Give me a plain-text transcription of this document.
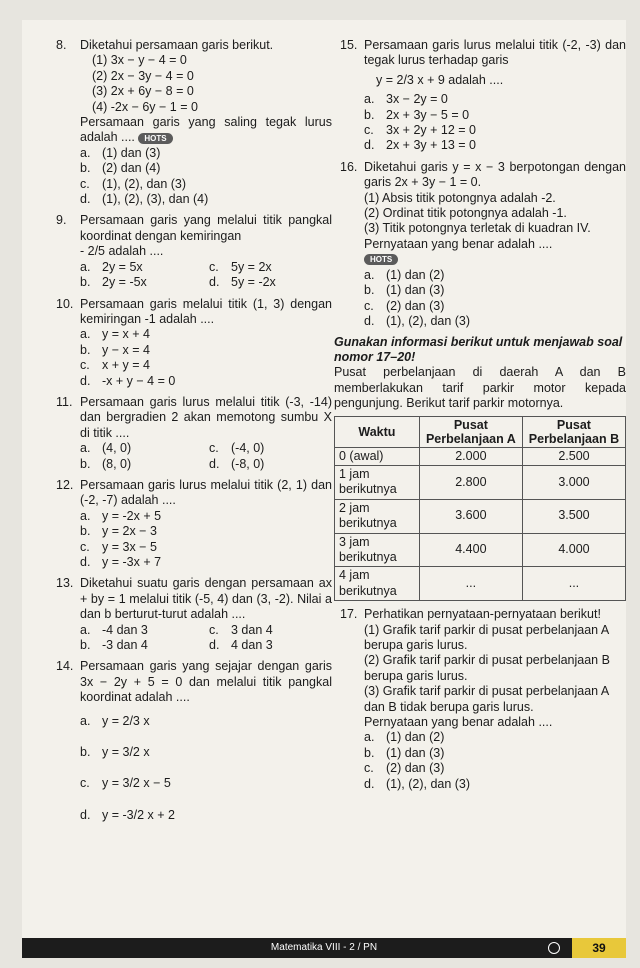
8. Diketahui persamaan garis berikut.
(1) 3x − y − 4 = 0
(2) 2x − 3y − 4 = 0
(3) 2x + 6y − 8 = 0
(4) -2x − 6y − 1 = 0
Persamaan garis yang saling tegak lurus adalah .... HOTS
a. (1) dan (3)
b. (2) dan (4)
c. (1), (2), dan (3)
d. (1), (2), (3), dan (4)
9. Persamaan garis yang melalui titik pangkal koordinat dengan kemiringan
- 2/5 adalah ....
a. 2y = 5x	c. 5y = 2x
b. 2y = -5x	d. 5y = -2x
10. Persamaan garis melalui titik (1, 3) dengan kemiringan -1 adalah ....
a. y = x + 4
b. y − x = 4
c. x + y = 4
d. -x + y − 4 = 0
11. Persamaan garis lurus melalui titik (-3, -14) dan bergradien 2 akan memotong sumbu X di titik ....
a. (4, 0)	c. (-4, 0)
b. (8, 0)	d. (-8, 0)
12. Persamaan garis lurus melalui titik (2, 1) dan (-2, -7) adalah ....
a. y = -2x + 5
b. y = 2x − 3
c. y = 3x − 5
d. y = -3x + 7
13. Diketahui suatu garis dengan persamaan ax + by = 1 melalui titik (-5, 4) dan (3, -2). Nilai a dan b berturut-turut adalah ....
a. -4 dan 3	c. 3 dan 4
b. -3 dan 4	d. 4 dan 3
14. Persamaan garis yang sejajar dengan garis 3x − 2y + 5 = 0 dan melalui titik pangkal koordinat adalah ....
a. y = 2/3 x
b. y = 3/2 x
c. y = 3/2 x − 5
d. y = -3/2 x + 2
15. Persamaan garis lurus melalui titik (-2, -3) dan tegak lurus terhadap garis
y = 2/3 x + 9 adalah ....
a. 3x − 2y = 0
b. 2x + 3y − 5 = 0
c. 3x + 2y + 12 = 0
d. 2x + 3y + 13 = 0
16. Diketahui garis y = x − 3 berpotongan dengan garis 2x + 3y − 1 = 0.
(1) Absis titik potongnya adalah -2.
(2) Ordinat titik potongnya adalah -1.
(3) Titik potongnya terletak di kuadran IV.
Pernyataan yang benar adalah ....
HOTS
a. (1) dan (2)
b. (1) dan (3)
c. (2) dan (3)
d. (1), (2), dan (3)
Gunakan informasi berikut untuk menjawab soal nomor 17–20!
Pusat perbelanjaan di daerah A dan B memberlakukan tarif parkir motor kepada pengunjung. Berikut tarif parkir motornya.
Waktu	Pusat Perbelanjaan A	Pusat Perbelanjaan B
0 (awal)	2.000	2.500
1 jam berikutnya	2.800	3.000
2 jam berikutnya	3.600	3.500
3 jam berikutnya	4.400	4.000
4 jam berikutnya	...	...
17. Perhatikan pernyataan-pernyataan berikut!
(1) Grafik tarif parkir di pusat perbelanjaan A berupa garis lurus.
(2) Grafik tarif parkir di pusat perbelanjaan B berupa garis lurus.
(3) Grafik tarif parkir di pusat perbelanjaan A dan B tidak berupa garis lurus.
Pernyataan yang benar adalah ....
a. (1) dan (2)
b. (1) dan (3)
c. (2) dan (3)
d. (1), (2), dan (3)
Matematika VIII - 2 / PN	39
